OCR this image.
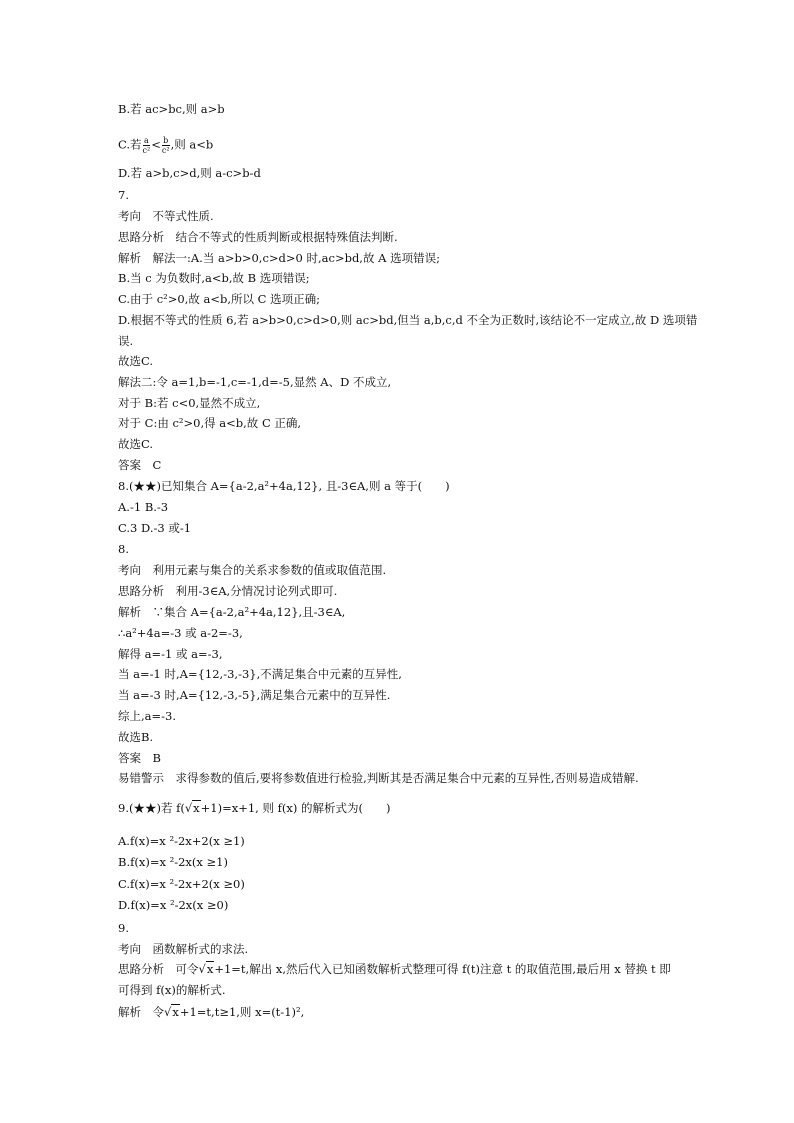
B.若 ac>bc,则 a>b
C.若 $\frac{a}{\text{c²}} < \frac{b}{\text{c²}}$ ,则 a<b
D.若 a>b,c>d,则 a-c>b-d
7.
考向　不等式性质.
思路分析　结合不等式的性质判断或根据特殊值法判断.
解析　解法一:A.当 a>b>0,c>d>0 时,ac>bd,故 A 选项错误;
B.当 c 为负数时,a<b,故 B 选项错误;
C.由于 c²>0,故 a<b,所以 C 选项正确;
D.根据不等式的性质 6,若 a>b>0,c>d>0,则 ac>bd,但当 a,b,c,d 不全为正数时,该结论不一定成立,故 D 选项错
误.
故选C.
解法二:令 a=1,b=-1,c=-1,d=-5,显然 A、D 不成立,
对于 B:若 c<0,显然不成立,
对于 C:由 c²>0,得 a<b,故 C 正确,
故选C.
答案　C
8.(★★)已知集合 A={a-2,a²+4a,12}, 且-3∈A,则 a 等于(　　)
A.-1 B.-3
C.3 D.-3 或-1
8.
考向　利用元素与集合的关系求参数的值或取值范围.
思路分析　利用-3∈A,分情况讨论列式即可.
解析　∵集合 A={a-2,a²+4a,12},且-3∈A,
∴a²+4a=-3 或 a-2=-3,
解得 a=-1 或 a=-3,
当 a=-1 时,A={12,-3,-3},不满足集合中元素的互异性,
当 a=-3 时,A={12,-3,-5},满足集合元素中的互异性.
综上,a=-3.
故选B.
答案　B
易错警示　求得参数的值后,要将参数值进行检验,判断其是否满足集合中元素的互异性,否则易造成错解.
9.(★★)若 f(√x+1)=x+1, 则 f(x) 的解析式为(　　)
A.f(x)=x ²-2x+2(x ≥1)
B.f(x)=x ²-2x(x ≥1)
C.f(x)=x ²-2x+2(x ≥0)
D.f(x)=x ²-2x(x ≥0)
9.
考向　函数解析式的求法.
思路分析　可令√x+1=t,解出 x,然后代入已知函数解析式整理可得 f(t)注意 t 的取值范围,最后用 x 替换 t 即
可得到 f(x)的解析式.
解析　令√x+1=t,t≥1,则 x=(t-1)²,
